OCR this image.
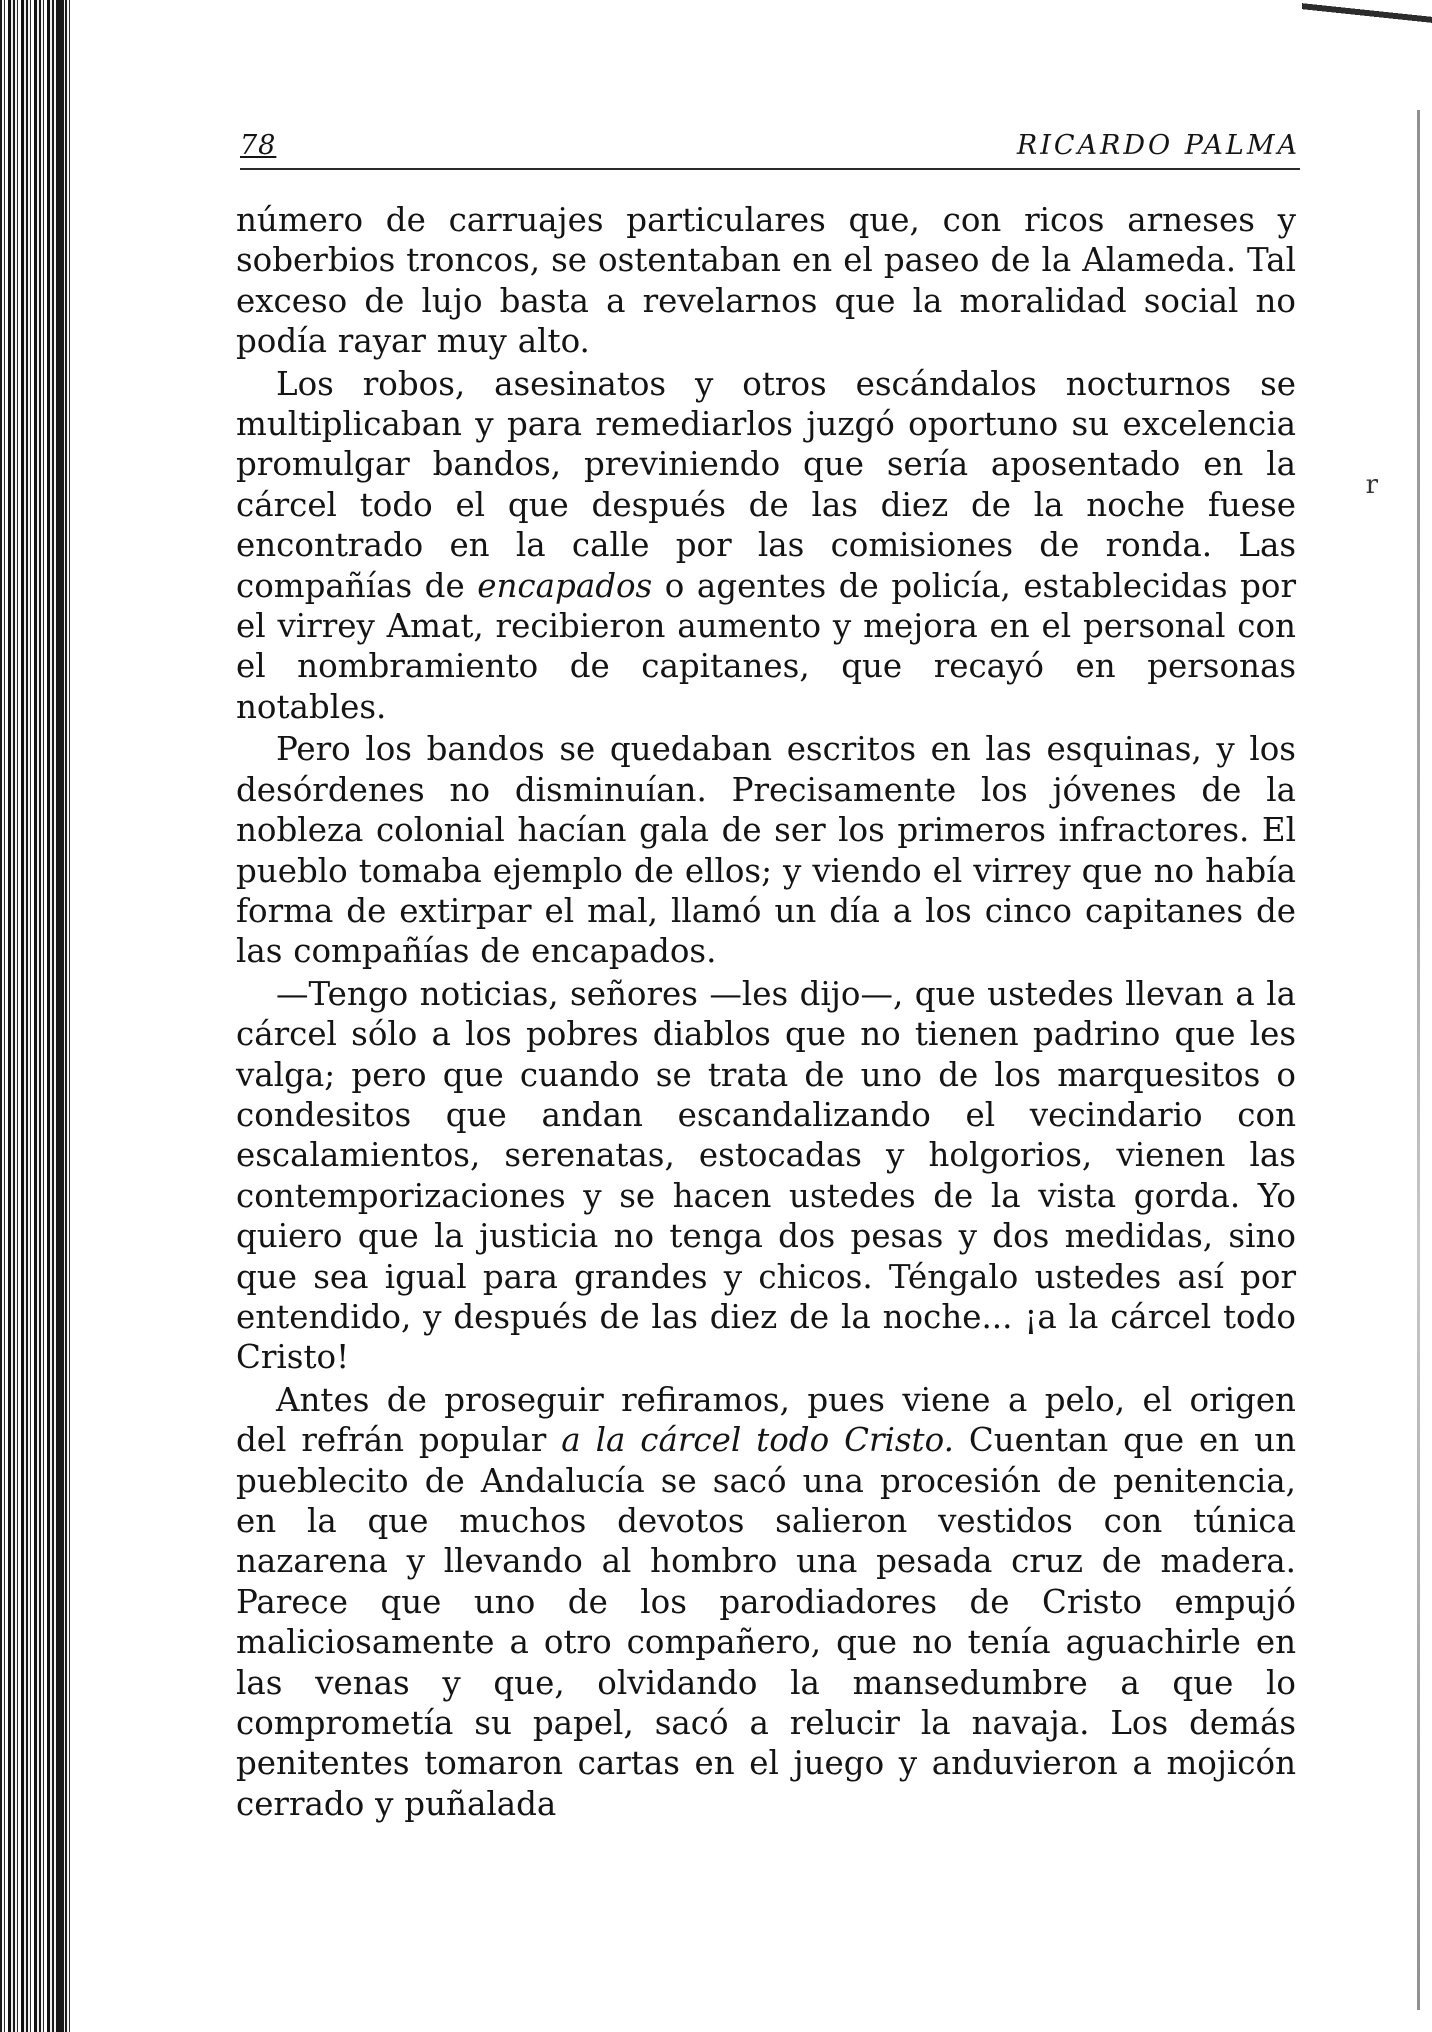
r
78	RICARDO PALMA

número de carruajes particulares que, con ricos arneses y soberbios troncos, se ostentaban en el paseo de la Alameda. Tal exceso de lujo basta a revelarnos que la moralidad social no podía rayar muy alto.

Los robos, asesinatos y otros escándalos nocturnos se multiplicaban y para remediarlos juzgó oportuno su excelencia promulgar bandos, previniendo que sería aposentado en la cárcel todo el que después de las diez de la noche fuese encontrado en la calle por las comisiones de ronda. Las compañías de encapados o agentes de policía, establecidas por el virrey Amat, recibieron aumento y mejora en el personal con el nombramiento de capitanes, que recayó en personas notables.

Pero los bandos se quedaban escritos en las esquinas, y los desórdenes no disminuían. Precisamente los jóvenes de la nobleza colonial hacían gala de ser los primeros infractores. El pueblo tomaba ejemplo de ellos; y viendo el virrey que no había forma de extirpar el mal, llamó un día a los cinco capitanes de las compañías de encapados.

—Tengo noticias, señores —les dijo—, que ustedes llevan a la cárcel sólo a los pobres diablos que no tienen padrino que les valga; pero que cuando se trata de uno de los marquesitos o condesitos que andan escandalizando el vecindario con escalamientos, serenatas, estocadas y holgorios, vienen las contemporizaciones y se hacen ustedes de la vista gorda. Yo quiero que la justicia no tenga dos pesas y dos medidas, sino que sea igual para grandes y chicos. Téngalo ustedes así por entendido, y después de las diez de la noche... ¡a la cárcel todo Cristo!

Antes de proseguir refiramos, pues viene a pelo, el origen del refrán popular a la cárcel todo Cristo. Cuentan que en un pueblecito de Andalucía se sacó una procesión de penitencia, en la que muchos devotos salieron vestidos con túnica nazarena y llevando al hombro una pesada cruz de madera. Parece que uno de los parodiadores de Cristo empujó maliciosamente a otro compañero, que no tenía aguachirle en las venas y que, olvidando la mansedumbre a que lo comprometía su papel, sacó a relucir la navaja. Los demás penitentes tomaron cartas en el juego y anduvieron a mojicón cerrado y puñalada
